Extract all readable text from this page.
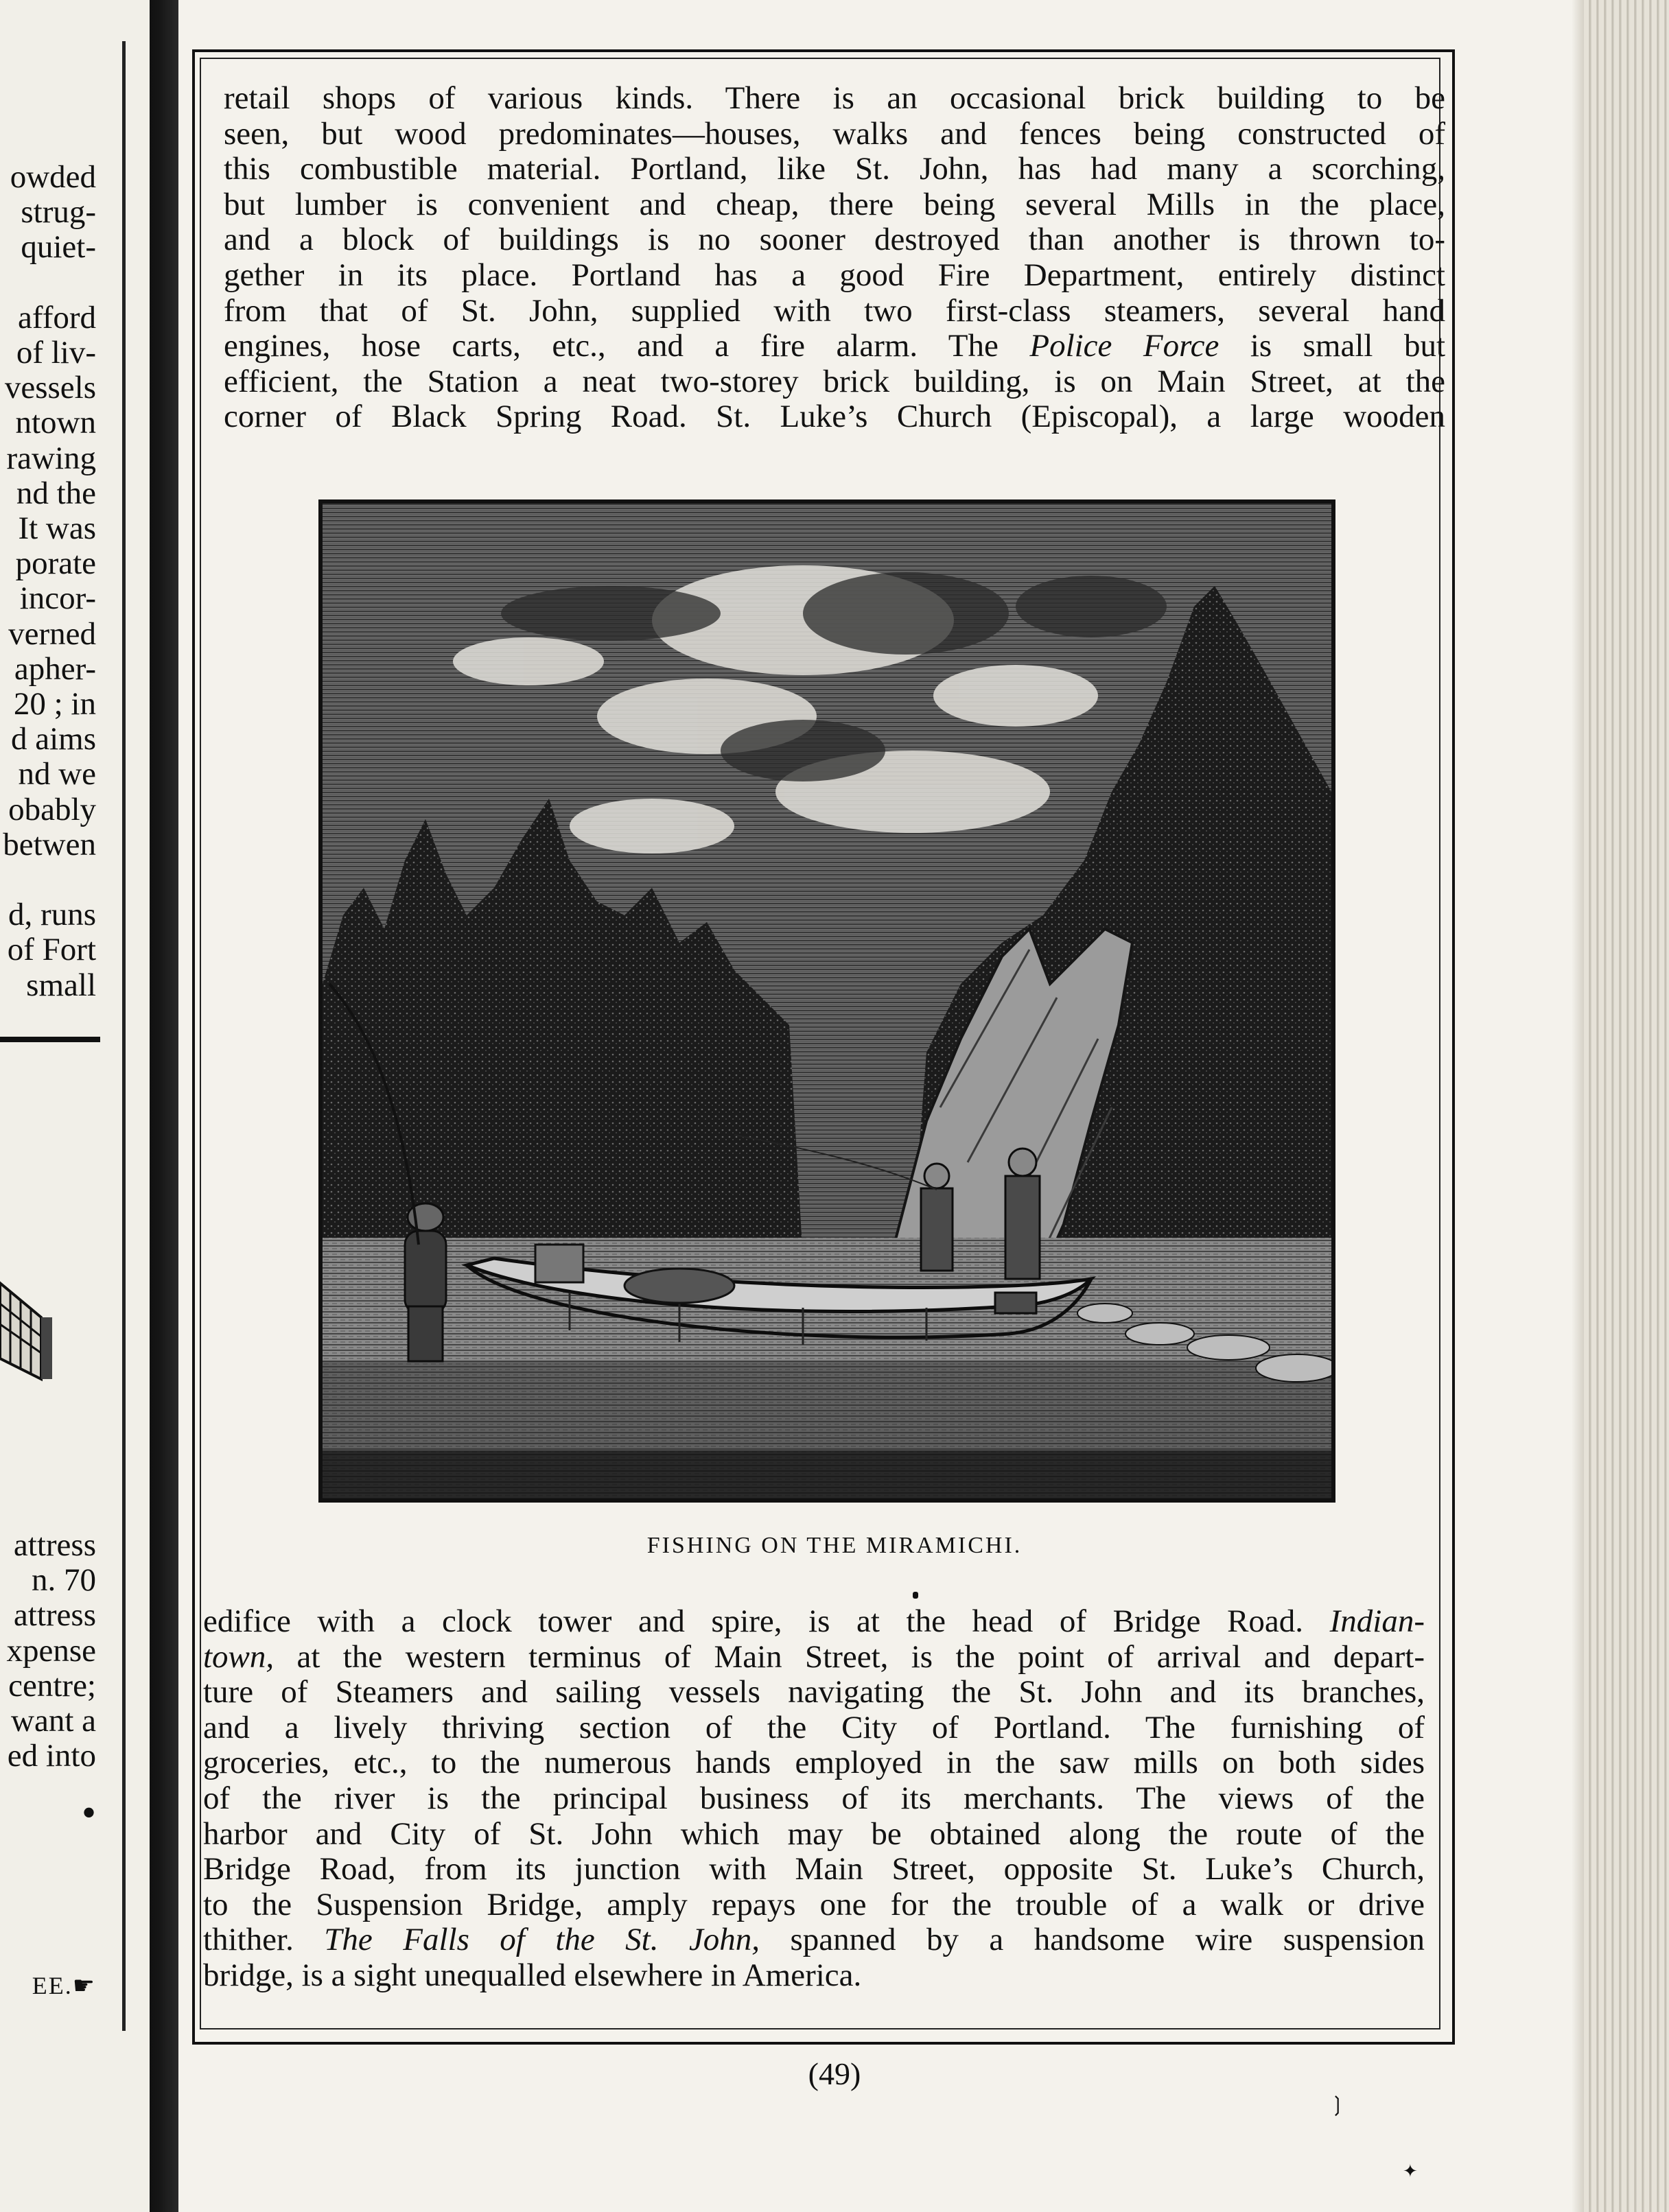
owded
strug-
quiet-
afford
of liv-
vessels
ntown
rawing
nd the
It was
porate
incor-
verned
apher-
20 ; in
d aims
nd we
obably
betwen
d, runs
of Fort
small
attress
n. 70
attress
xpense
centre;
want a
ed into
•
EE.☛
retail shops of various kinds. There is an occasional brick building to be
seen, but wood predominates—houses, walks and fences being constructed of
this combustible material. Portland, like St. John, has had many a scorching,
but lumber is convenient and cheap, there being several Mills in the place,
and a block of buildings is no sooner destroyed than another is thrown to-
gether in its place. Portland has a good Fire Department, entirely distinct
from that of St. John, supplied with two first-class steamers, several hand
engines, hose carts, etc., and a fire alarm. The Police Force is small but
efficient, the Station a neat two-storey brick building, is on Main Street, at the
corner of Black Spring Road. St. Luke’s Church (Episcopal), a large wooden
FISHING ON THE MIRAMICHI.
edifice with a clock tower and spire, is at the head of Bridge Road. Indian-
town, at the western terminus of Main Street, is the point of arrival and depart-
ture of Steamers and sailing vessels navigating the St. John and its branches,
and a lively thriving section of the City of Portland. The furnishing of
groceries, etc., to the numerous hands employed in the saw mills on both sides
of the river is the principal business of its merchants. The views of the
harbor and City of St. John which may be obtained along the route of the
Bridge Road, from its junction with Main Street, opposite St. Luke’s Church,
to the Suspension Bridge, amply repays one for the trouble of a walk or drive
thither. The Falls of the St. John, spanned by a handsome wire suspension
bridge, is a sight unequalled elsewhere in America.
(49)
❳
✦
